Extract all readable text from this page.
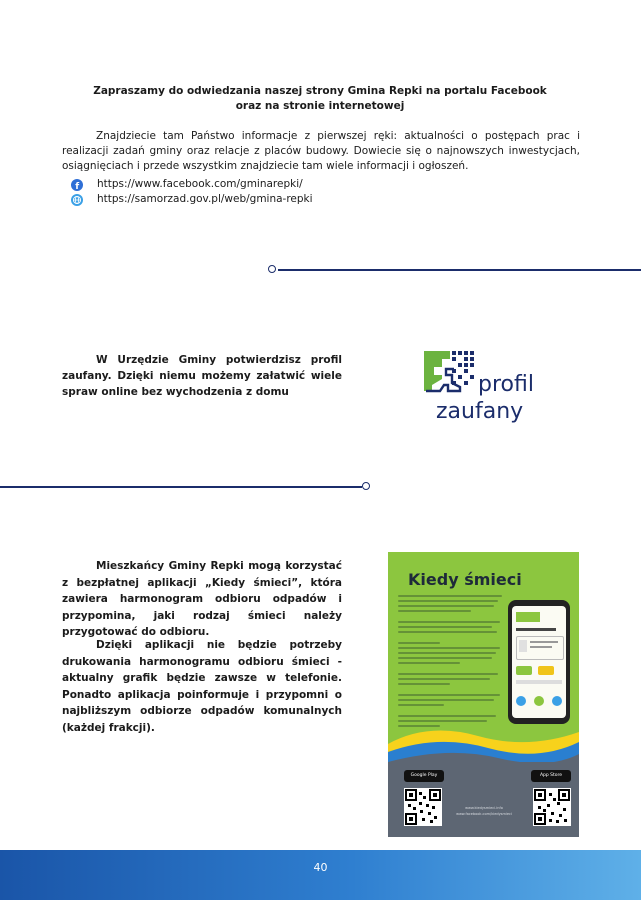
Zapraszamy do odwiedzania naszej strony Gmina Repki na portalu Facebook
oraz na stronie internetowej
Znajdziecie tam Państwo informacje z pierwszej ręki: aktualności o postępach prac i realizacji zadań gminy oraz relacje z placów budowy. Dowiecie się o najnowszych inwestycjach, osiągnięciach i przede wszystkim znajdziecie tam wiele informacji i ogłoszeń.
f https://www.facebook.com/gminarepki/
https://samorzad.gov.pl/web/gmina-repki
W Urzędzie Gminy potwierdzisz profil zaufany. Dzięki niemu możemy załatwić wiele spraw online bez wychodzenia z domu	profil
zaufany
Mieszkańcy Gminy Repki mogą korzystać z bezpłatnej aplikacji „Kiedy śmieci”, która zawiera harmonogram odbioru odpadów i przypomina, jaki rodzaj śmieci należy przygotować do odbioru.
Dzięki aplikacji nie będzie potrzeby drukowania harmonogramu odbioru śmieci - aktualny grafik będzie zawsze w telefonie. Ponadto aplikacja poinformuje i przypomni o najbliższym odbiorze odpadów komunalnych (każdej frakcji).
Kiedy śmieci
Google Play	App Store
www.kiedysmieci.info
www.facebook.com/kiedysmieci
40
